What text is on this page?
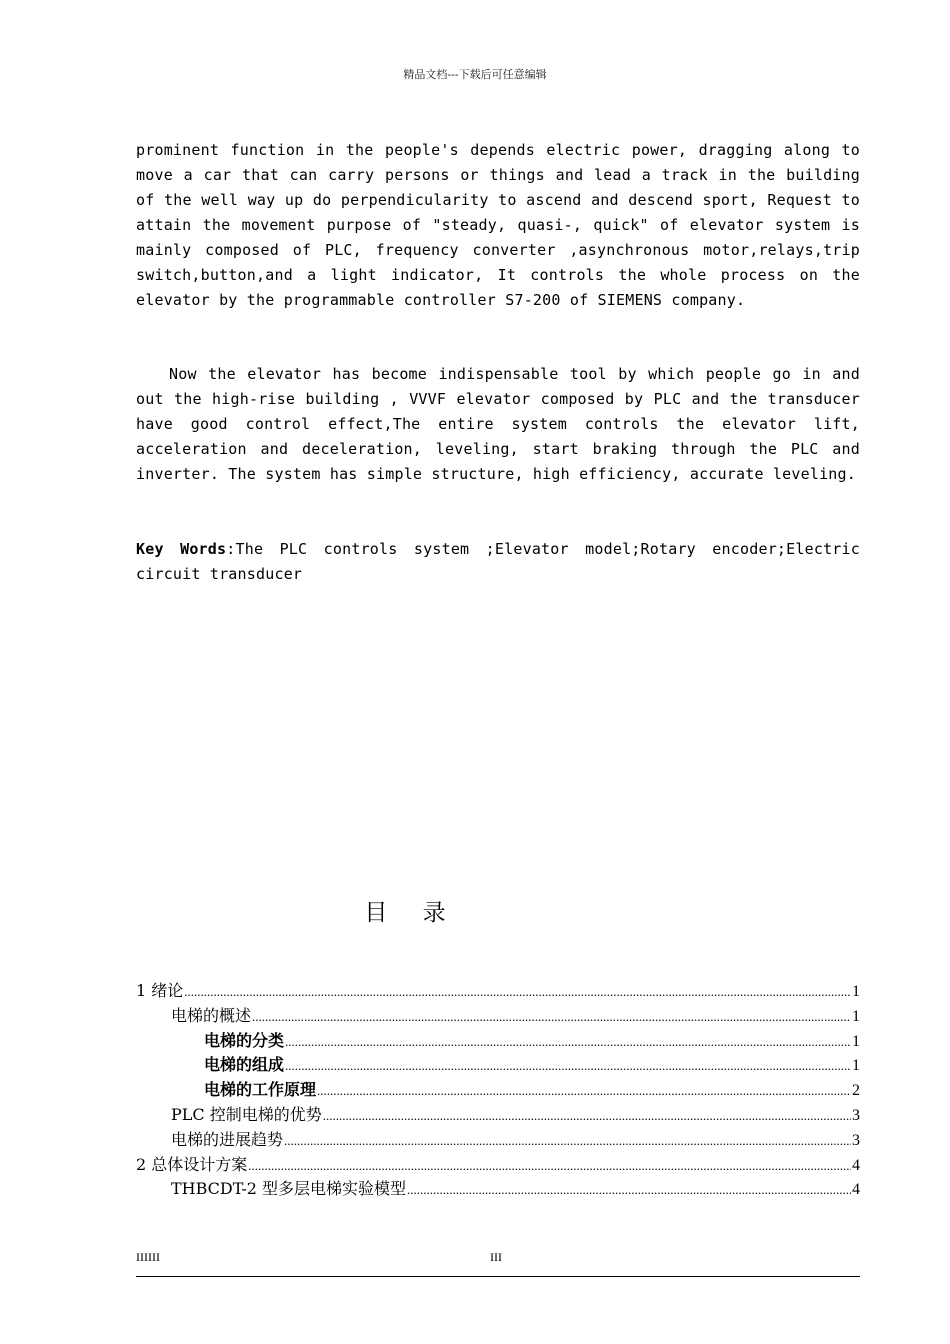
精品文档---下载后可任意编辑

prominent function in the people's depends electric power, dragging along to move a car that can carry persons or things and lead a track in the building of the well way up do perpendicularity to ascend and descend sport, Request to attain the movement purpose of "steady, quasi-, quick" of elevator system is mainly composed of PLC, frequency converter ,asynchronous motor,relays,trip switch,button,and a light indicator, It controls the whole process on the elevator by the programmable controller S7-200 of SIEMENS company.

Now the elevator has become indispensable tool by which people go in and out the high-rise building , VVVF elevator composed by PLC and the transducer have good control effect,The entire system controls the elevator lift, acceleration and deceleration, leveling, start braking through the PLC and inverter. The system has simple structure, high efficiency, accurate leveling.

Key Words:The PLC controls system ;Elevator model;Rotary encoder;Electric circuit transducer

目 录
1 绪论 .....	1
电梯的概述 .....	1
电梯的分类 .....	1
电梯的组成 .....	1
电梯的工作原理 .....	2
PLC 控制电梯的优势 .....	3
电梯的进展趋势 .....	3
2 总体设计方案 .....	4
THBCDT-2 型多层电梯实验模型 .....	4
IIIIII	III
